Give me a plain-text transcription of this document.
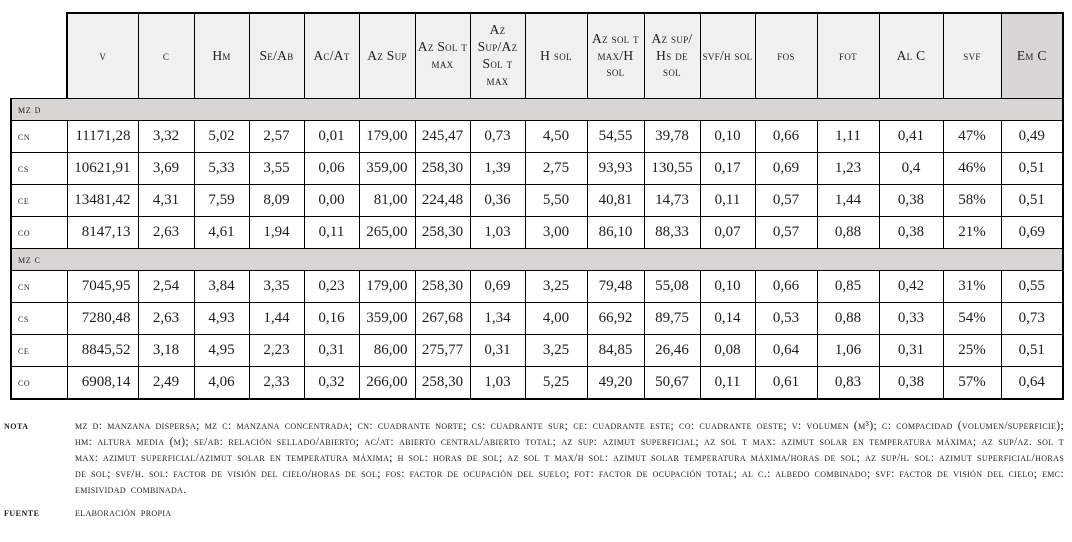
	v	c	Hm	Se/Ab	Ac/At	Az Sup	Az Sol t max	Az Sup/Az Sol t max	H sol	Az sol t max/H sol	Az sup/ Hs de sol	svf/h sol	fos	fot	Al C	svf	Em C
mz d																	
cn	11171,28	3,32	5,02	2,57	0,01	179,00	245,47	0,73	4,50	54,55	39,78	0,10	0,66	1,11	0,41	47%	0,49
cs	10621,91	3,69	5,33	3,55	0,06	359,00	258,30	1,39	2,75	93,93	130,55	0,17	0,69	1,23	0,4	46%	0,51
ce	13481,42	4,31	7,59	8,09	0,00	81,00	224,48	0,36	5,50	40,81	14,73	0,11	0,57	1,44	0,38	58%	0,51
co	8147,13	2,63	4,61	1,94	0,11	265,00	258,30	1,03	3,00	86,10	88,33	0,07	0,57	0,88	0,38	21%	0,69
mz c																	
cn	7045,95	2,54	3,84	3,35	0,23	179,00	258,30	0,69	3,25	79,48	55,08	0,10	0,66	0,85	0,42	31%	0,55
cs	7280,48	2,63	4,93	1,44	0,16	359,00	267,68	1,34	4,00	66,92	89,75	0,14	0,53	0,88	0,33	54%	0,73
ce	8845,52	3,18	4,95	2,23	0,31	86,00	275,77	0,31	3,25	84,85	26,46	0,08	0,64	1,06	0,31	25%	0,51
co	6908,14	2,49	4,06	2,33	0,32	266,00	258,30	1,03	5,25	49,20	50,67	0,11	0,61	0,83	0,38	57%	0,64
nota	mz d: manzana dispersa; mz c: manzana concentrada; cn: cuadrante norte; cs: cuadrante sur; ce: cuadrante este; co: cuadrante oeste; v: volumen (m³); c: compacidad (volumen/superficie); hm: altura media (m); se/ab: relación sellado/abierto; ac/at: abierto central/abierto total; az sup: azimut superficial; az sol t max: azimut solar en temperatura máxima; az sup/az. sol t max: azimut superficial/azimut solar en temperatura máxima; h sol: horas de sol; az sol t max/h sol: azimut solar temperatura máxima/horas de sol; az sup/h. sol: azimut superficial/horas de sol; svf/h. sol: factor de visión del cielo/horas de sol; fos: factor de ocupación del suelo; fot: factor de ocupación total; al c.: albedo combinado; svf: factor de visión del cielo; emc: emisividad combinada.
fuente	elaboración propia
